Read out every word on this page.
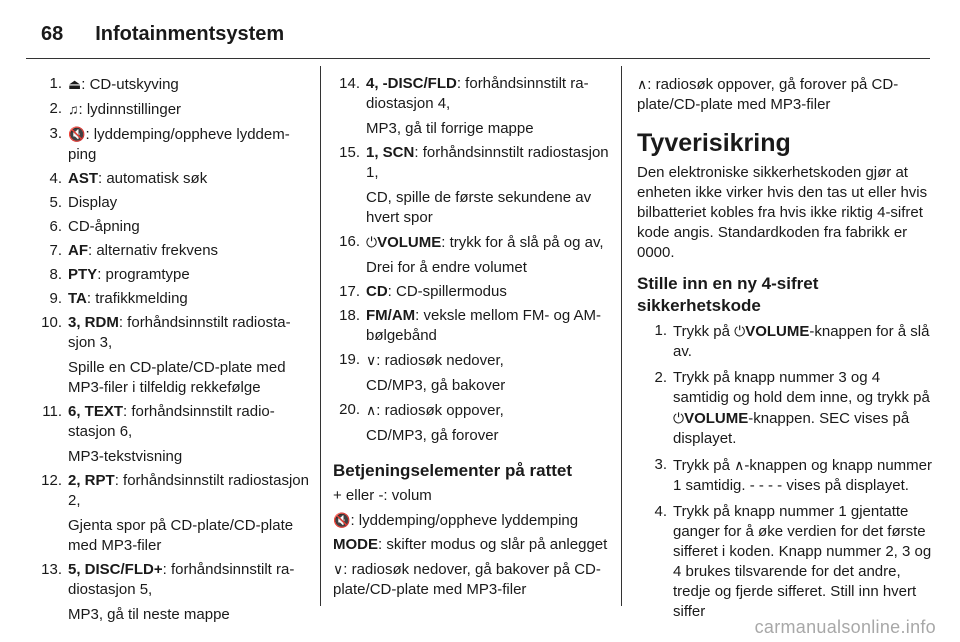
68 Infotainmentsystem
1. ⏏: CD-utskyving
2. ♫: lydinnstillinger
3. 🔇: lyddemping/oppheve lyddemping
4. AST: automatisk søk
5. Display
6. CD-åpning
7. AF: alternativ frekvens
8. PTY: programtype
9. TA: trafikkmelding
10. 3, RDM: forhåndsinnstilt radiostasjon 3,
Spille en CD-plate/CD-plate med MP3-filer i tilfeldig rekkefølge
11. 6, TEXT: forhåndsinnstilt radiostasjon 6,
MP3-tekstvisning
12. 2, RPT: forhåndsinnstilt radiostasjon 2,
Gjenta spor på CD-plate/CD-plate med MP3-filer
13. 5, DISC/FLD+: forhåndsinnstilt radiostasjon 5,
MP3, gå til neste mappe
14. 4, -DISC/FLD: forhåndsinnstilt radiostasjon 4,
MP3, gå til forrige mappe
15. 1, SCN: forhåndsinnstilt radiostasjon 1,
CD, spille de første sekundene av hvert spor
16. ⏻VOLUME: trykk for å slå på og av,
Drei for å endre volumet
17. CD: CD-spillermodus
18. FM/AM: veksle mellom FM- og AM-bølgebånd
19. ∨: radiosøk nedover,
CD/MP3, gå bakover
20. ∧: radiosøk oppover,
CD/MP3, gå forover
Betjeningselementer på rattet
+ eller -: volum
🔇: lyddemping/oppheve lyddemping
MODE: skifter modus og slår på anlegget
∨: radiosøk nedover, gå bakover på CD-plate/CD-plate med MP3-filer
∧: radiosøk oppover, gå forover på CD-plate/CD-plate med MP3-filer
Tyverisikring
Den elektroniske sikkerhetskoden gjør at enheten ikke virker hvis den tas ut eller hvis bilbatteriet kobles fra hvis ikke riktig 4-sifret kode angis. Standardkoden fra fabrikk er 0000.
Stille inn en ny 4-sifret sikkerhetskode
1. Trykk på ⏻VOLUME-knappen for å slå av.
2. Trykk på knapp nummer 3 og 4 samtidig og hold dem inne, og trykk på ⏻VOLUME-knappen. SEC vises på displayet.
3. Trykk på ∧-knappen og knapp nummer 1 samtidig. - - - - vises på displayet.
4. Trykk på knapp nummer 1 gjentatte ganger for å øke verdien for det første sifferet i koden. Knapp nummer 2, 3 og 4 brukes tilsvarende for det andre, tredje og fjerde sifferet. Still inn hvert siffer
carmanualsonline.info
